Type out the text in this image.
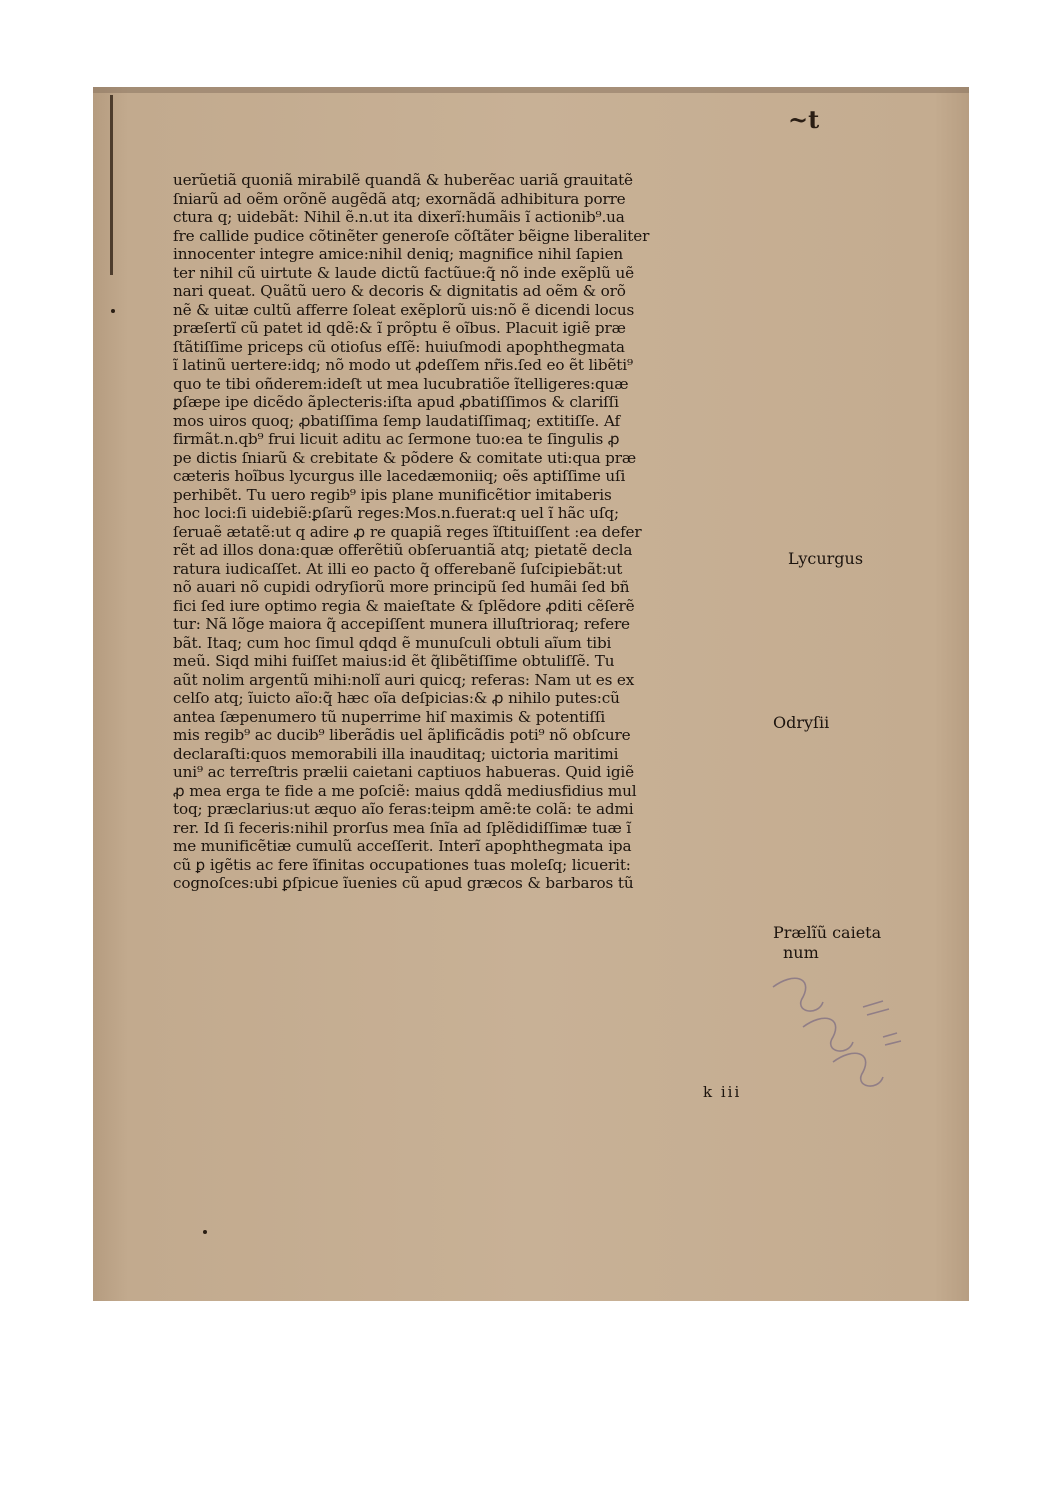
~t
uerũetiã quoniã mirabilẽ quandã & huberẽac uariã grauitatẽ
ſniarũ ad oẽm orõnẽ augẽdã atq; exornãdã adhibitura porre
ctura q; uidebãt: Nihil ẽ.n.ut ita dixerĩ:humãis ĩ actionib⁹.ua
fre callide pudice cõtinẽter generoſe cõſtãter bẽigne liberaliter
innocenter integre amice:nihil deniq; magnifice nihil ſapien
ter nihil cũ uirtute & laude dictũ factũue:q̃ nõ inde exẽplũ uẽ
nari queat. Quãtũ uero & decoris & dignitatis ad oẽm & orõ
nẽ & uitæ cultũ afferre ſoleat exẽplorũ uis:nõ ẽ dicendi locus
præſertĩ cũ patet id qdẽ:& ĩ prõptu ẽ oĩbus. Placuit igiẽ præ
ſtãtiſſime priceps cũ otioſus eſſẽ: huiuſmodi apophthegmata
ĩ latinũ uertere:idq; nõ modo ut ꝓdeſſem nr̃is.ſed eo ẽt libẽti⁹
quo te tibi oñderem:ideſt ut mea lucubratiõe ĩtelligeres:quæ
ꝑſæpe ipe dicẽdo ãplecteris:iſta apud ꝓbatiſſimos & clariſſi
mos uiros quoq; ꝓbatiſſima ſemp laudatiſſimaq; extitiſſe. Af
firmãt.n.qb⁹ frui licuit aditu ac ſermone tuo:ea te ſingulis ꝓ
pe dictis ſniarũ & crebitate & põdere & comitate uti:qua præ
cæteris hoĩbus lycurgus ille lacedæmoniiq; oẽs aptiſſime uſi
perhibẽt. Tu uero regib⁹ ipis plane munificẽtior imitaberis
hoc loci:ſi uidebiẽ:ꝑſarũ reges:Mos.n.fuerat:q uel ĩ hãc uſq;
ſeruaẽ ætatẽ:ut q adire ꝓ re quapiã reges ĩſtituiſſent :ea defer
rẽt ad illos dona:quæ offerẽtiũ obſeruantiã atq; pietatẽ decla
ratura iudicaſſet. At illi eo pacto q̃ offerebanẽ ſuſcipiebãt:ut
nõ auari nõ cupidi odryſiorũ more principũ ſed humãi ſed bñ
fici ſed iure optimo regia & maieſtate & ſplẽdore ꝓditi cẽſerẽ
tur: Nã lõge maiora q̃ accepiſſent munera illuſtrioraq; refere
bãt. Itaq; cum hoc ſimul qdqd ẽ munuſculi obtuli aĩum tibi
meũ. Siqd mihi fuiſſet maius:id ẽt q̃libẽtiſſime obtuliſſẽ. Tu
aũt nolim argentũ mihi:nolĩ auri quicq; referas: Nam ut es ex
celſo atq; ĩuicto aĩo:q̃ hæc oĩa deſpicias:& ꝓ nihilo putes:cũ
antea ſæpenumero tũ nuperrime hiſ maximis & potentiſſi
mis regib⁹ ac ducib⁹ liberãdis uel ãplificãdis poti⁹ nõ obſcure
declaraſti:quos memorabili illa inauditaq; uictoria maritimi
uni⁹ ac terreſtris prælii caietani captiuos habueras. Quid igiẽ
ꝓ mea erga te fide a me poſciẽ: maius qddã mediusfidius mul
toq; præclarius:ut æquo aĩo feras:teipm amẽ:te colã: te admi
rer. Id ſi feceris:nihil prorſus mea ſnĩa ad ſplẽdidiſſimæ tuæ ĩ
me munificẽtiæ cumulũ acceſſerit. Interĩ apophthegmata ipa
cũ ꝑ igẽtis ac fere ĩfinitas occupationes tuas moleſq; licuerit:
cognoſces:ubi ꝑſpicue ĩuenies cũ apud græcos & barbaros tũ
Lycurgus
Odryſii
Prælĩũ caieta
num
k iii
